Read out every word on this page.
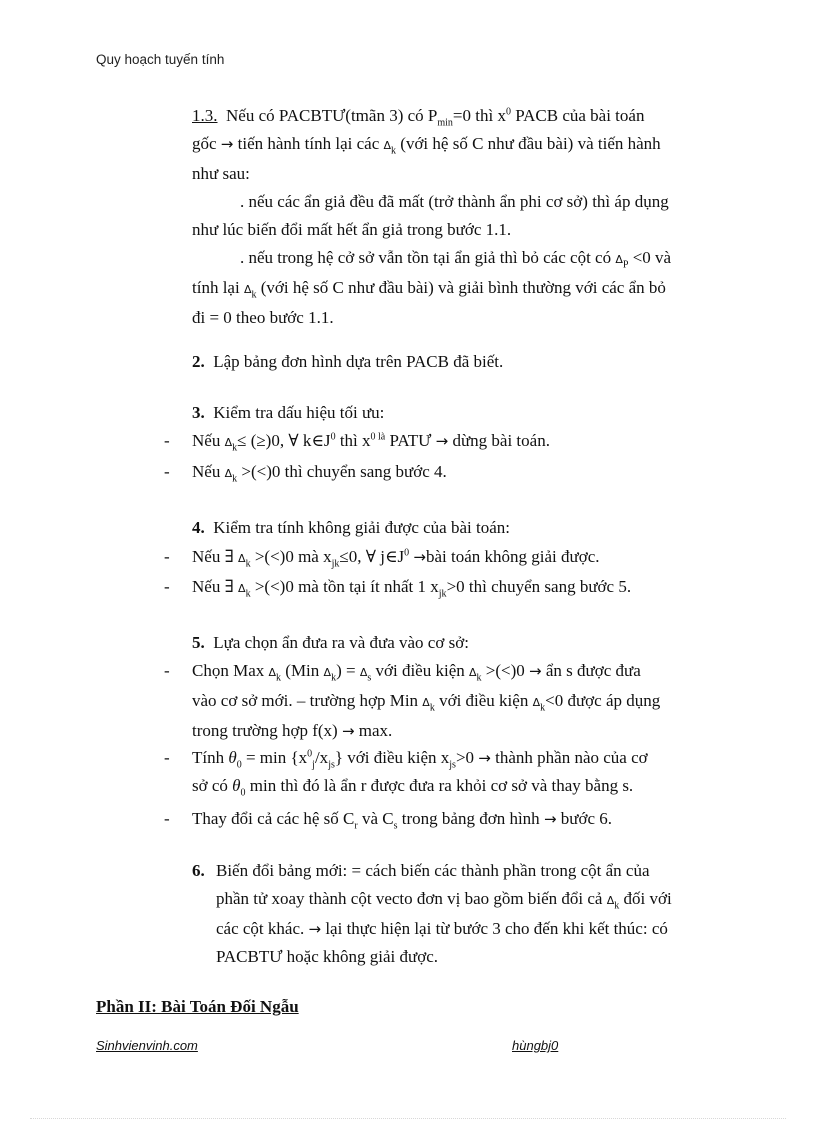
Quy hoạch tuyến tính
1.3. Nếu có PACBTƯ(tmãn 3) có $P_{min}=0$ thì $x^0$ PACB của bài toán
gốc → tiến hành tính lại các $\Delta_k$ (với hệ số C như đầu bài) và tiến hành
như sau:
. nếu các ẩn giả đều đã mất (trở thành ẩn phi cơ sở) thì áp dụng
như lúc biến đổi mất hết ẩn giả trong bước 1.1.
. nếu trong hệ cở sở vẫn tồn tại ẩn giả thì bỏ các cột có $\Delta_P <0$ và
tính lại $\Delta_k$ (với hệ số C như đầu bài) và giải bình thường với các ẩn bỏ
đi = 0 theo bước 1.1.
2. Lập bảng đơn hình dựa trên PACB đã biết.
3. Kiểm tra dấu hiệu tối ưu:
- Nếu $\Delta_k\le (\ge)0$, ∀ $k\in J^0$ thì $x^{0 là}$ PATƯ → dừng bài toán.
- Nếu $\Delta_k >(<)0$ thì chuyển sang bước 4.
4. Kiểm tra tính không giải được của bài toán:
- Nếu ∃ $\Delta_k >(<)0$ mà $x_{jk}\le 0$, ∀ $j\in J^0$ →bài toán không giải được.
- Nếu ∃ $\Delta_k >(<)0$ mà tồn tại ít nhất 1 $x_{jk}>0$ thì chuyển sang bước 5.
5. Lựa chọn ẩn đưa ra và đưa vào cơ sở:
- Chọn Max $\Delta_k$ (Min $\Delta_k) = \Delta_s$ với điều kiện $\Delta_k >(<)0$ → ẩn s được đưa
vào cơ sở mới. – trường hợp Min $\Delta_k$ với điều kiện $\Delta_k<0$ được áp dụng
trong trường hợp f(x) → max.
- Tính $\theta_0 = \min \{x^0_j/x_{js}\}$ với điều kiện $x_{js}>0$ → thành phần nào của cơ
sở có $\theta_0$ min thì đó là ẩn r được đưa ra khỏi cơ sở và thay bằng s.
- Thay đổi cả các hệ số $C_r$ và $C_s$ trong bảng đơn hình → bước 6.
6. Biến đổi bảng mới: = cách biến các thành phần trong cột ẩn của
phần tử xoay thành cột vecto đơn vị bao gồm biến đổi cả $\Delta_k$ đối với
các cột khác. → lại thực hiện lại từ bước 3 cho đến khi kết thúc: có
PACBTƯ hoặc không giải được.
Phần II: Bài Toán Đối Ngẫu
Sinhvienvinh.com	hùngbj0
